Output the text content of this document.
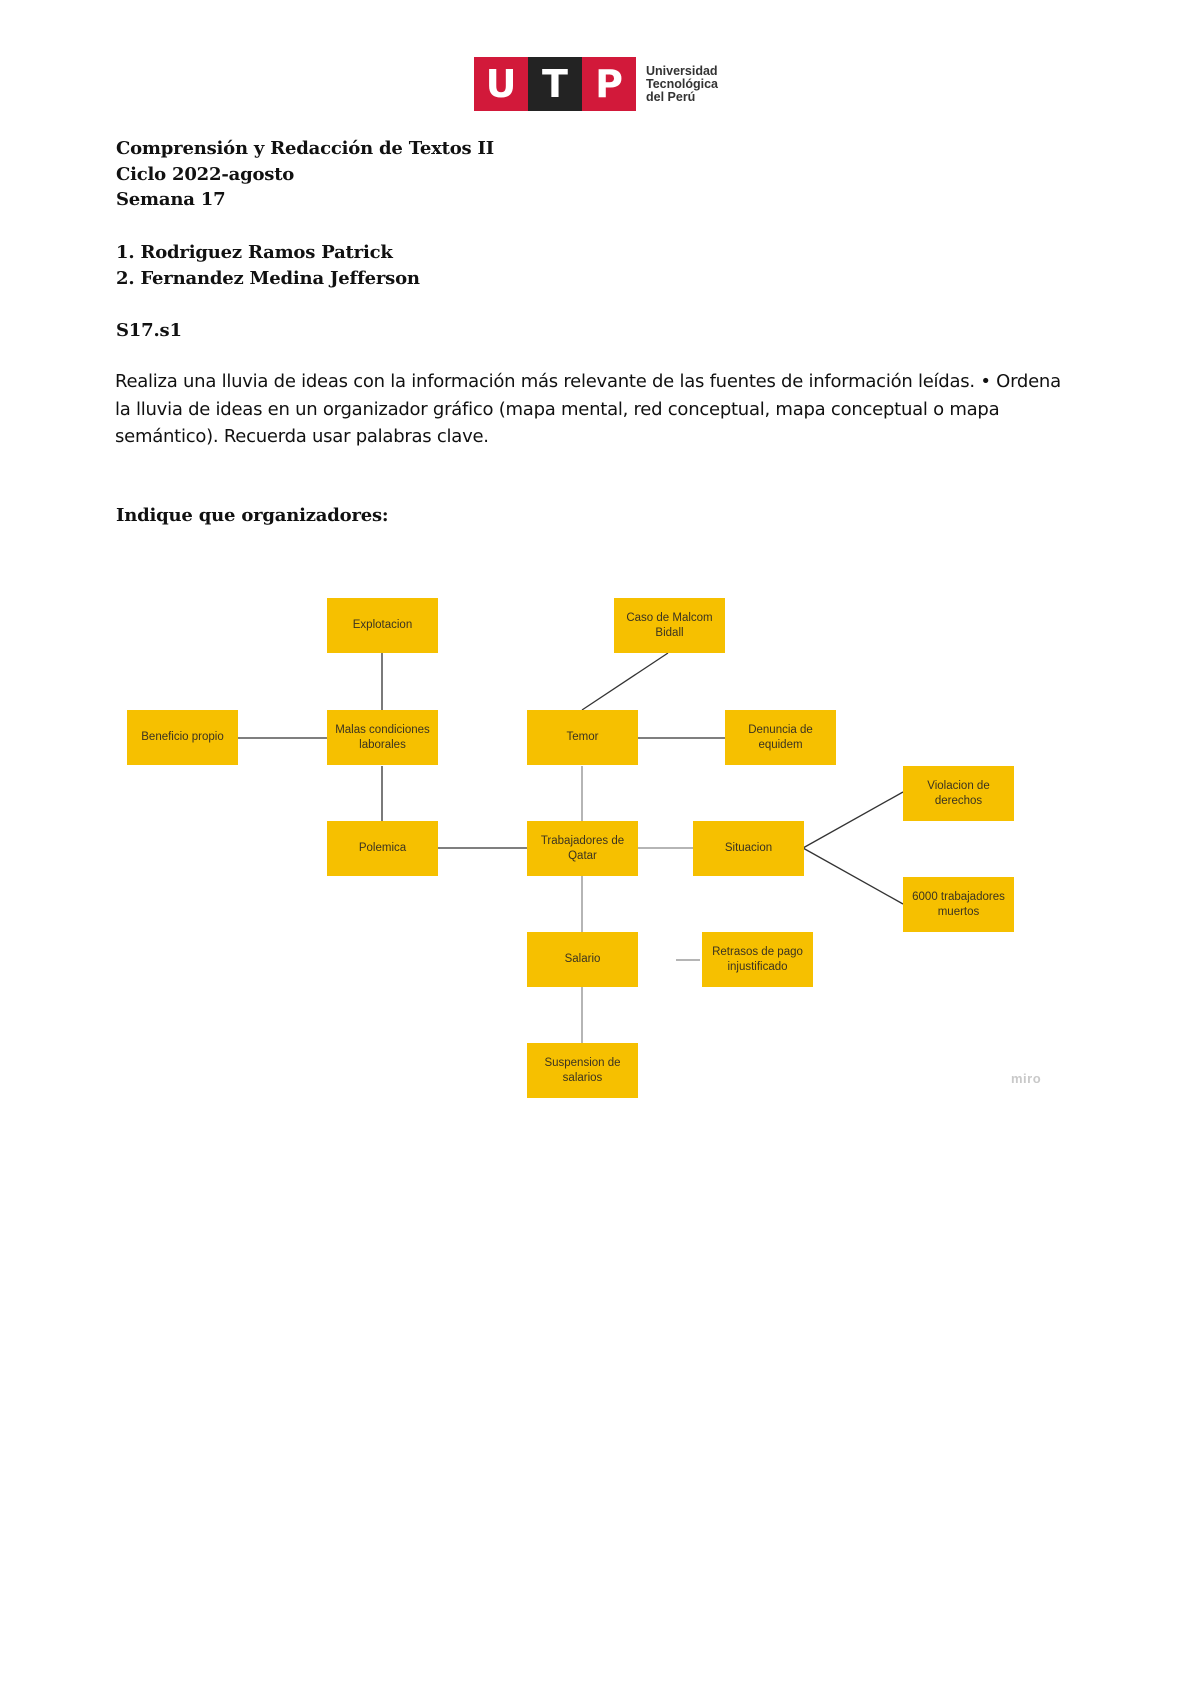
U T P	Universidad
Tecnológica
del Perú

Comprensión y Redacción de Textos II

Ciclo 2022-agosto

Semana 17

1. Rodriguez Ramos Patrick

2. Fernandez Medina Jefferson

S17.s1

Realiza una lluvia de ideas con la información más relevante de las fuentes de información leídas. • Ordena la lluvia de ideas en un organizador gráfico (mapa mental, red conceptual, mapa conceptual o mapa semántico). Recuerda usar palabras clave.

Indique que organizadores:

Explotacion
Caso de Malcom Bidall
Beneficio propio
Malas condiciones laborales
Temor
Denuncia de equidem
Violacion de derechos
Polemica
Trabajadores de Qatar
Situacion
6000 trabajadores muertos
Salario
Retrasos de pago injustificado
Suspension de salarios	miro
